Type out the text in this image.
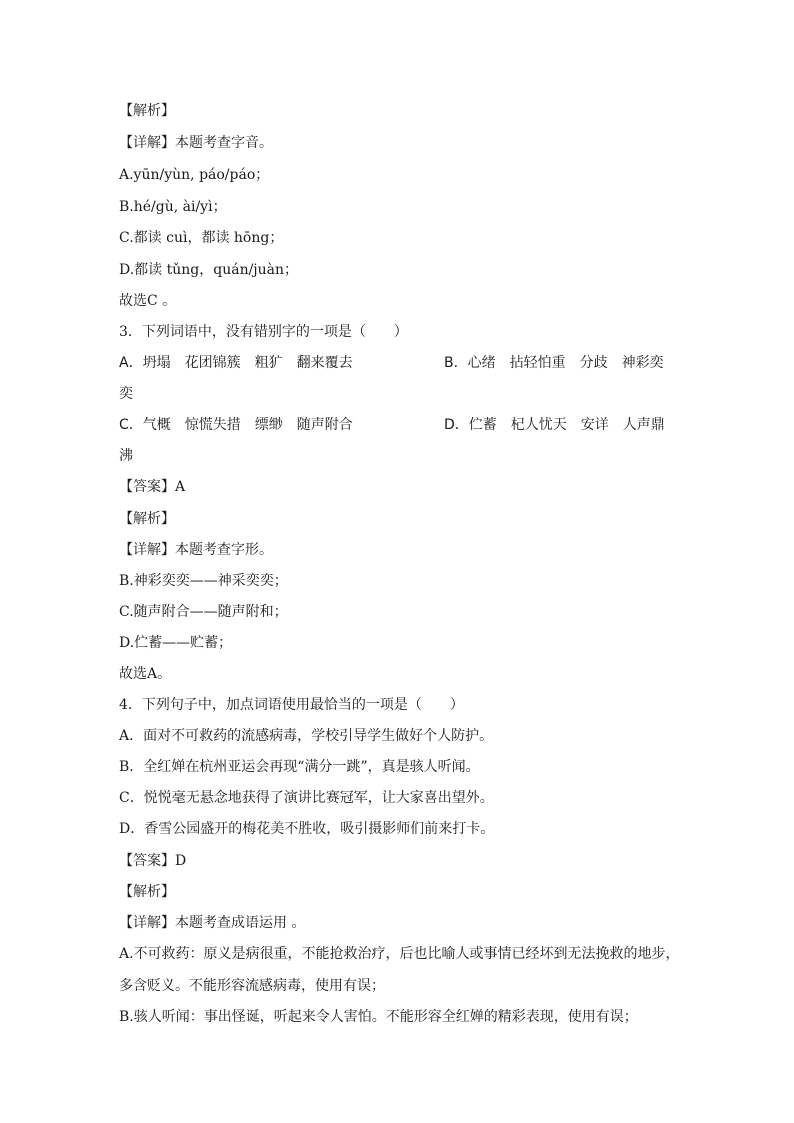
【解析】
【详解】本题考查字音。
A.yūn/yùn, páo/páo；
B.hé/gù, ài/yì；
C.都读 cuì，都读 hōng；
D.都读 tǔng，quán/juàn；
故选C 。
3．下列词语中，没有错别字的一项是（　　）
A．坍塌　花团锦簇　粗犷　翻来覆去	B．心绪　拈轻怕重　分歧　神彩奕
奕
C．气概　惊慌失措　缥缈　随声附合	D．伫蓄　杞人忧天　安详　人声鼎
沸
【答案】A
【解析】
【详解】本题考查字形。
B.神彩奕奕——神采奕奕；
C.随声附合——随声附和；
D.伫蓄——贮蓄；
故选A。
4．下列句子中，加点词语使用最恰当的一项是（　　）
A．面对不可救药的流感病毒，学校引导学生做好个人防护。
B．全红婵在杭州亚运会再现“满分一跳”，真是骇人听闻。
C．悦悦毫无悬念地获得了演讲比赛冠军，让大家喜出望外。
D．香雪公园盛开的梅花美不胜收，吸引摄影师们前来打卡。
【答案】D
【解析】
【详解】本题考查成语运用 。
A.不可救药：原义是病很重，不能抢救治疗，后也比喻人或事情已经坏到无法挽救的地步，
多含贬义。不能形容流感病毒，使用有误；
B.骇人听闻：事出怪诞，听起来令人害怕。不能形容全红婵的精彩表现，使用有误；
